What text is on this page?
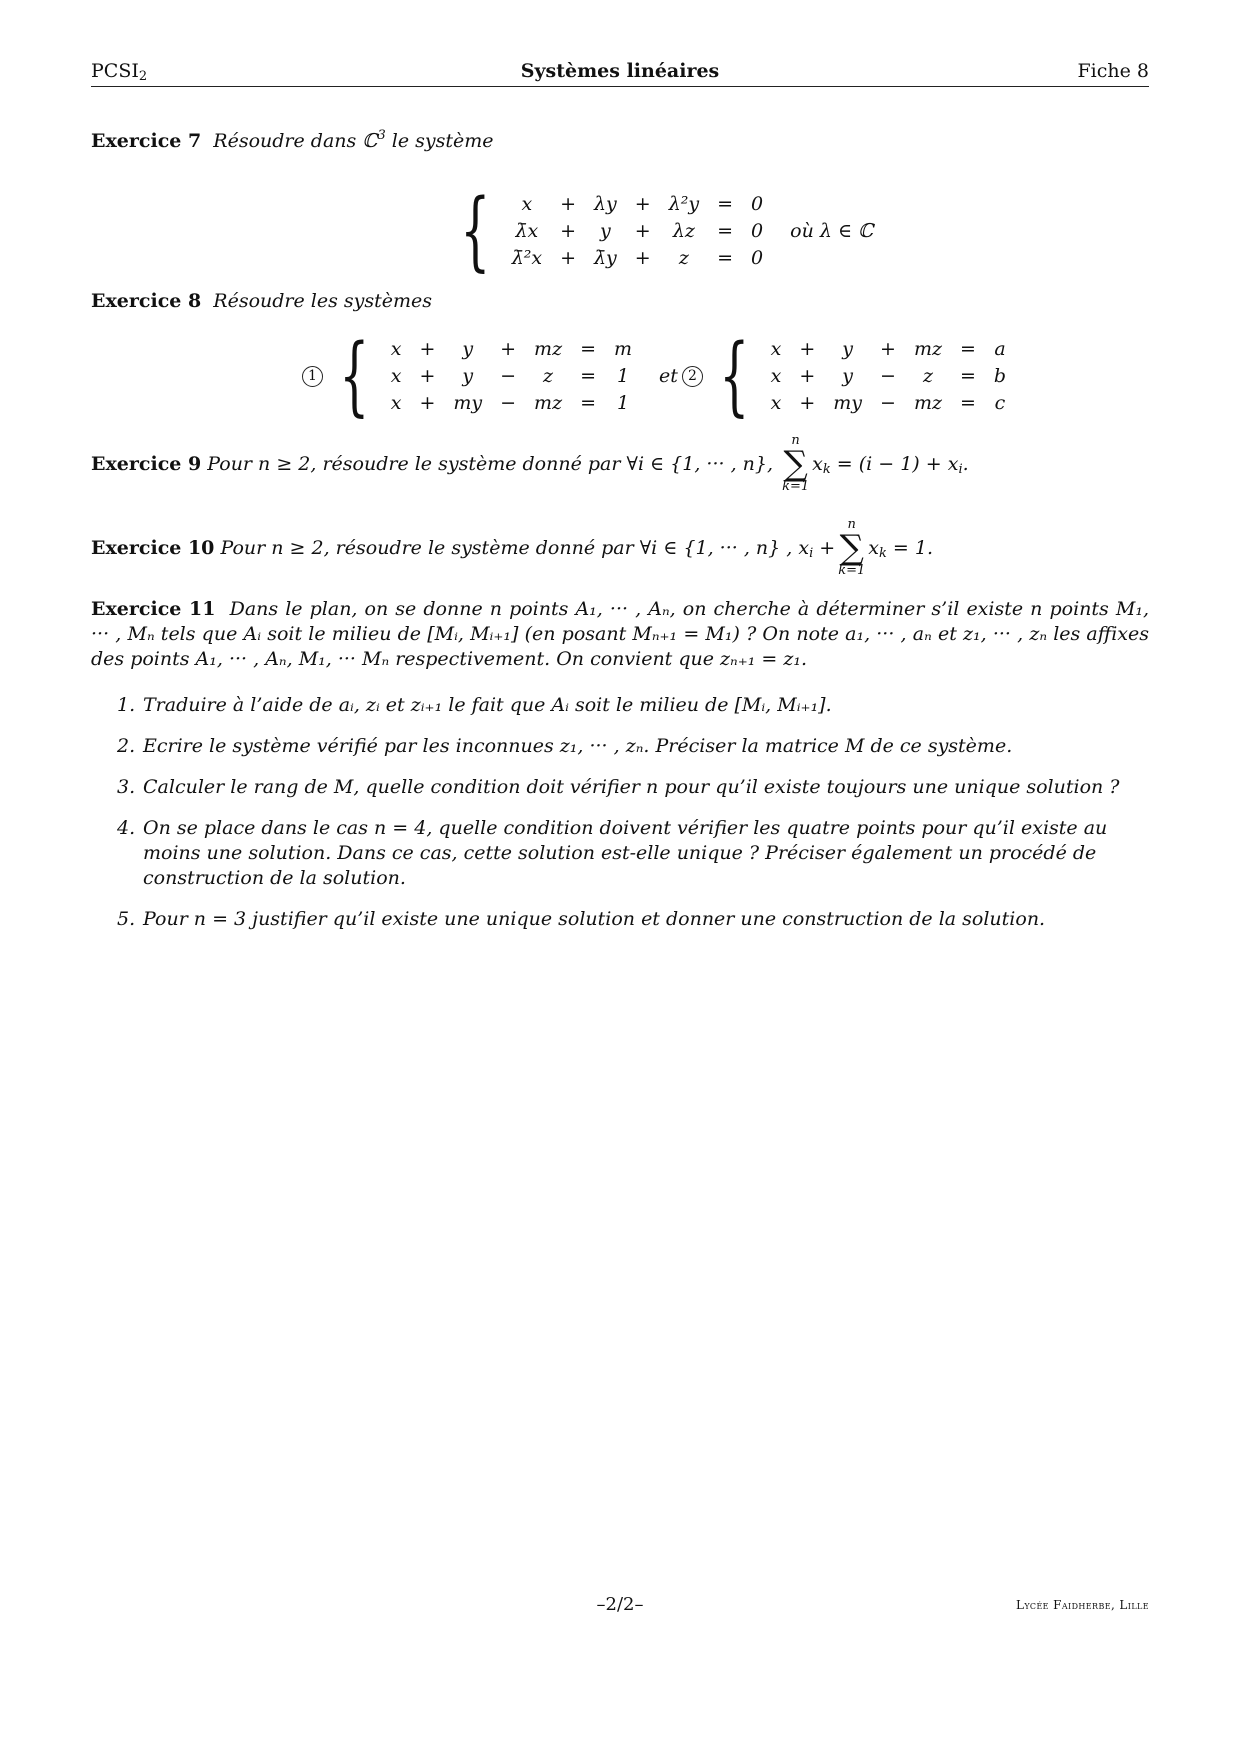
$PCSI_2$	Systèmes linéaires	Fiche 8
Exercice 7 Résoudre dans ℂ$^3$ le système
{ x	+	λy	+	λ²y	=	0
λ̄x	+	y	+	λz	=	0
λ̄²x	+	λ̄y	+	z	=	0
où λ ∈ ℂ
Exercice 8 Résoudre les systèmes
1 { x	+	y	+	mz	=	m
x	+	y	−	z	=	1
x	+	my	−	mz	=	1
et 2 { x	+	y	+	mz	=	a
x	+	y	−	z	=	b
x	+	my	−	mz	=	c
Exercice 9
Pour n ≥ 2, résoudre le système donné par ∀i ∈ {1, ··· , n},

n
∑
k=1
$x_k = (i - 1) + x_i$.
Exercice 10
Pour n ≥ 2, résoudre le système donné par ∀i ∈ {1, ··· , n} , $x_i$ +
n
∑
k=1
$x_k = 1$.
Exercice 11 Dans le plan, on se donne n points A₁, ··· , Aₙ, on cherche à déterminer s’il existe n points M₁, ··· , Mₙ tels que Aᵢ soit le milieu de [Mᵢ, Mᵢ₊₁] (en posant Mₙ₊₁ = M₁) ? On note a₁, ··· , aₙ et z₁, ··· , zₙ les affixes des points A₁, ··· , Aₙ, M₁, ··· Mₙ respectivement. On convient que zₙ₊₁ = z₁.
1. Traduire à l’aide de aᵢ, zᵢ et zᵢ₊₁ le fait que Aᵢ soit le milieu de [Mᵢ, Mᵢ₊₁].
2. Ecrire le système vérifié par les inconnues z₁, ··· , zₙ. Préciser la matrice M de ce système.
3. Calculer le rang de M, quelle condition doit vérifier n pour qu’il existe toujours une unique solution ?
4. On se place dans le cas n = 4, quelle condition doivent vérifier les quatre points pour qu’il existe au moins une solution. Dans ce cas, cette solution est-elle unique ? Préciser également un procédé de construction de la solution.
5. Pour n = 3 justifier qu’il existe une unique solution et donner une construction de la solution.
–2/2–	Lycée Faidherbe, Lille
